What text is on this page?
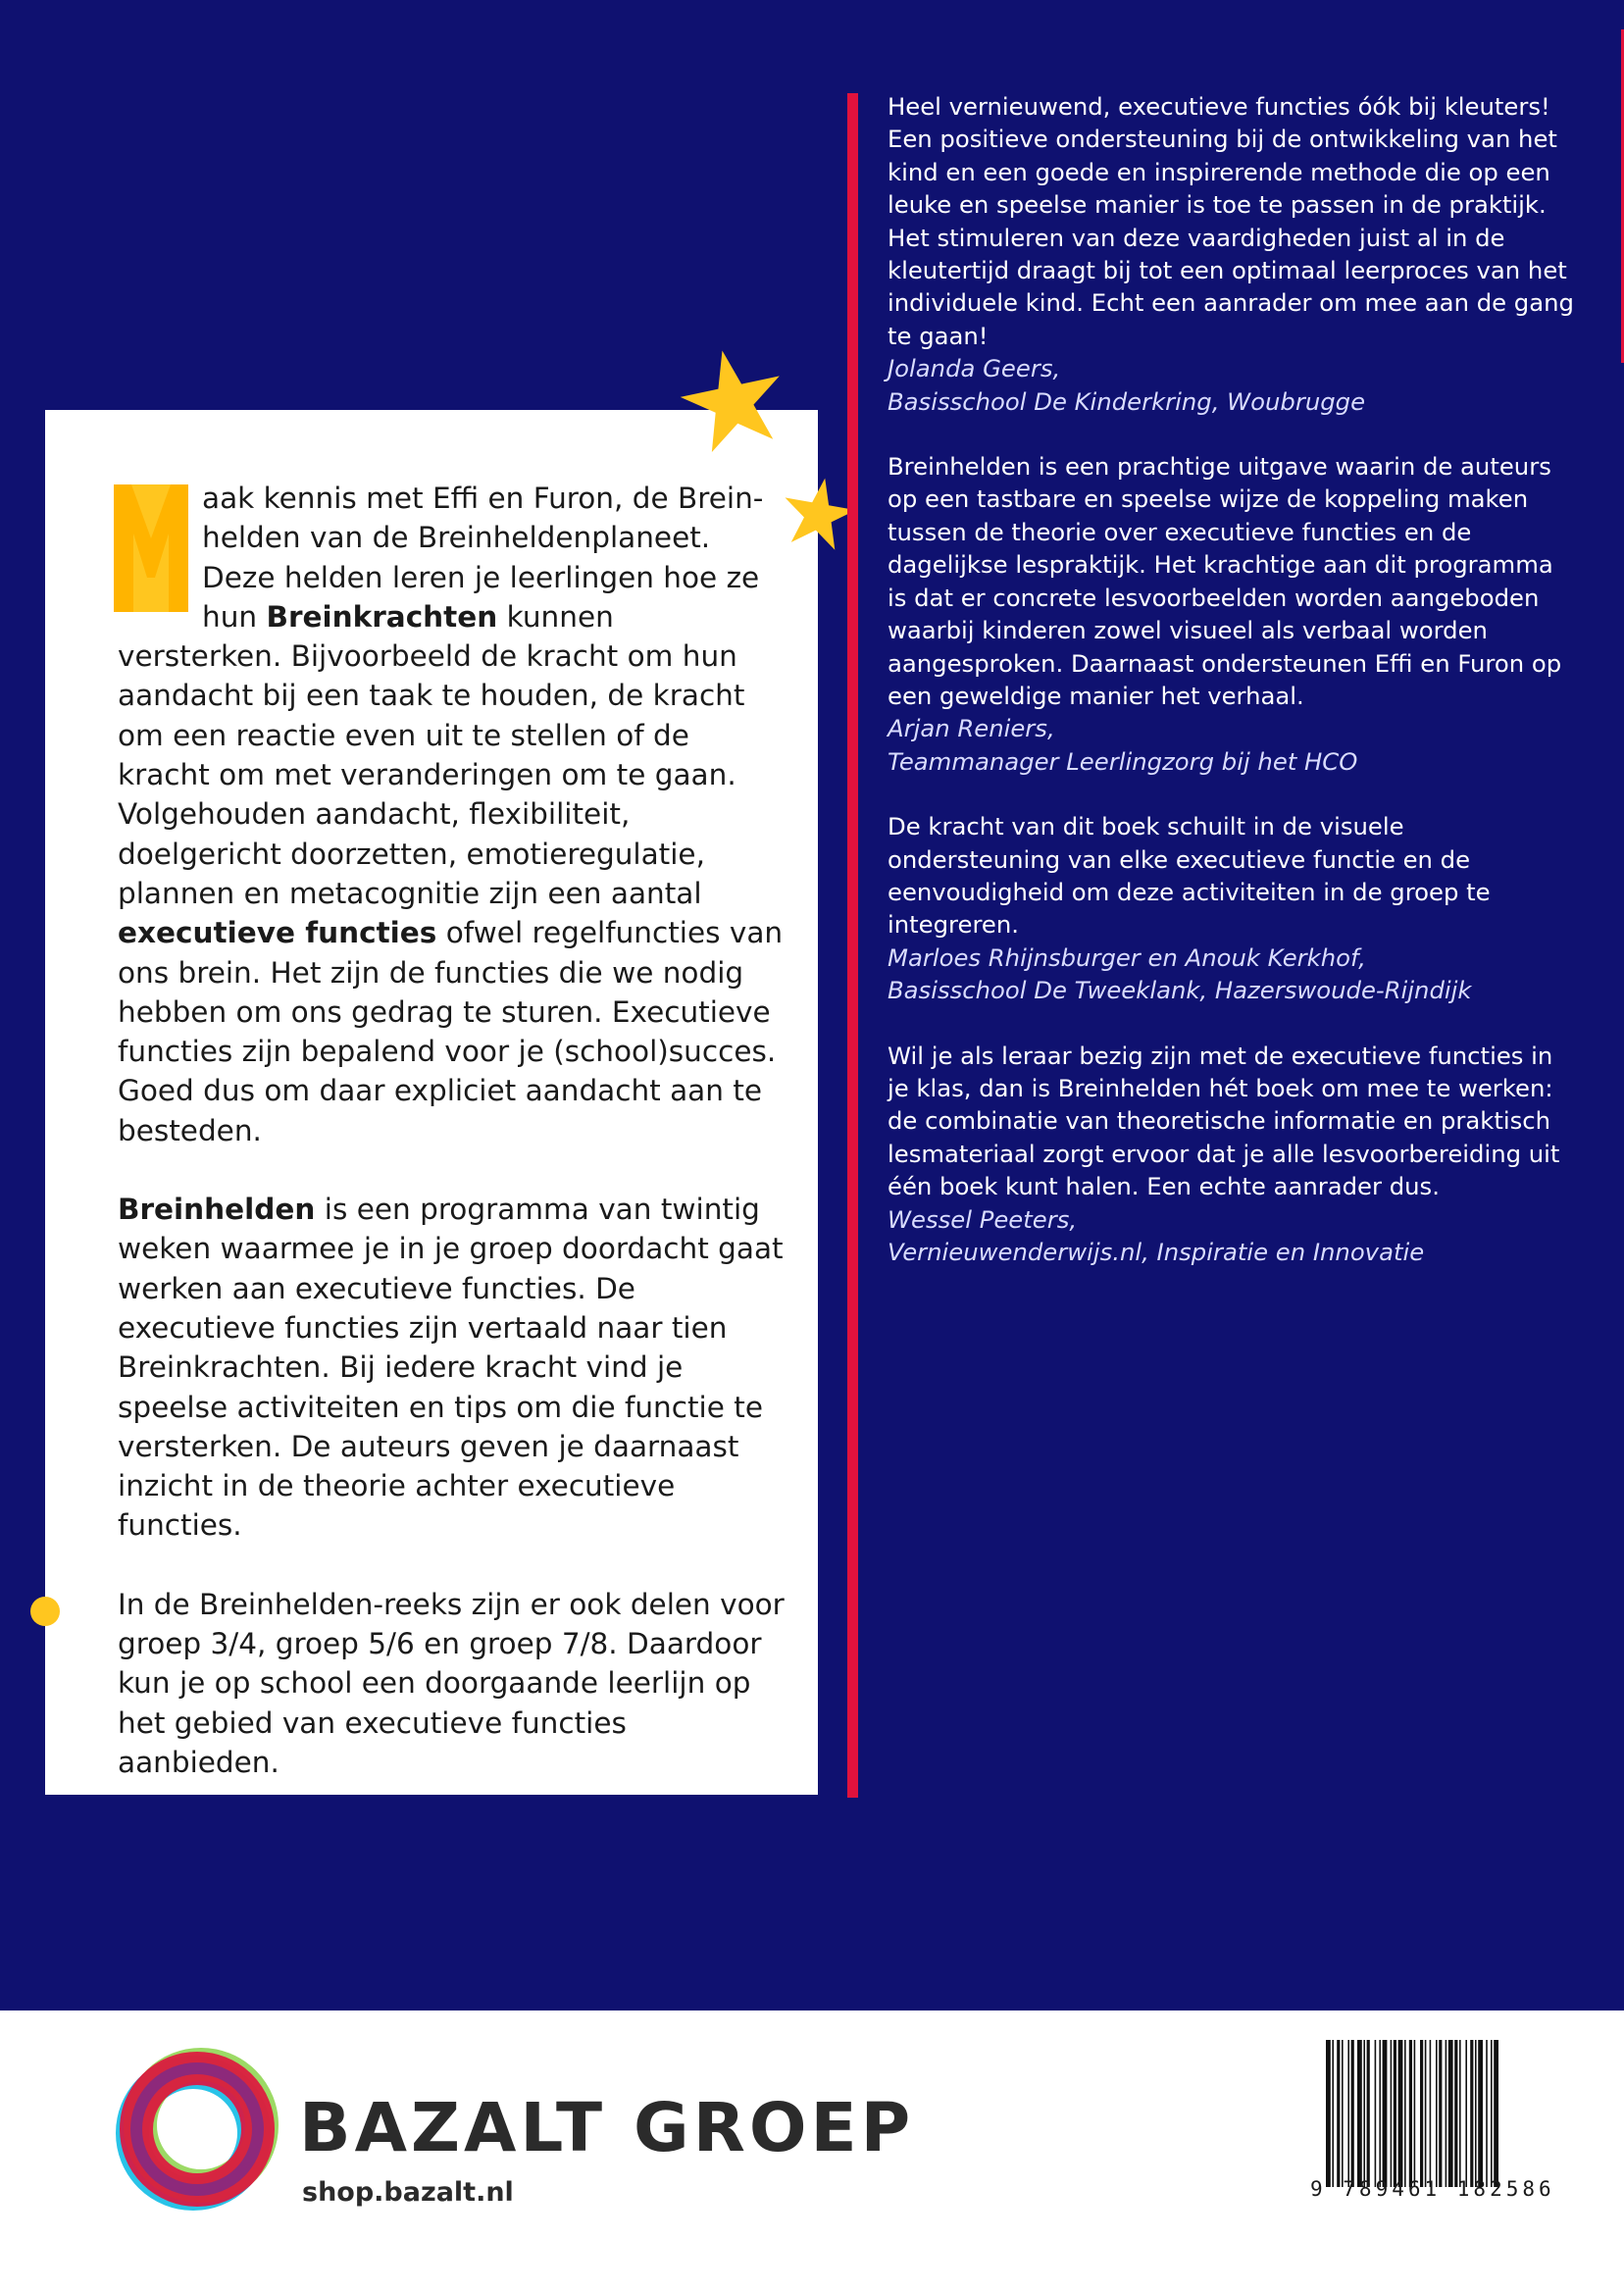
aak kennis met Effi en Furon, de Breinhelden van de Breinheldenplaneet. Deze helden leren je leerlingen hoe ze hun Breinkrachten kunnen versterken. Bijvoorbeeld de kracht om hun aandacht bij een taak te houden, de kracht om een reactie even uit te stellen of de kracht om met veranderingen om te gaan. Volgehouden aandacht, flexibiliteit, doelgericht doorzetten, emotieregulatie, plannen en metacognitie zijn een aantal executieve functies ofwel regelfuncties van ons brein. Het zijn de functies die we nodig hebben om ons gedrag te sturen. Executieve functies zijn bepalend voor je (school)succes. Goed dus om daar expliciet aandacht aan te besteden.

Breinhelden is een programma van twintig weken waarmee je in je groep doordacht gaat werken aan executieve functies. De executieve functies zijn vertaald naar tien Breinkrachten. Bij iedere kracht vind je speelse activiteiten en tips om die functie te versterken. De auteurs geven je daarnaast inzicht in de theorie achter executieve functies.

In de Breinhelden-reeks zijn er ook delen voor groep 3/4, groep 5/6 en groep 7/8. Daardoor kun je op school een doorgaande leerlijn op het gebied van executieve functies aanbieden.

Heel vernieuwend, executieve functies óók bij kleuters! Een positieve ondersteuning bij de ontwikkeling van het kind en een goede en inspirerende methode die op een leuke en speelse manier is toe te passen in de praktijk. Het stimuleren van deze vaardigheden juist al in de kleutertijd draagt bij tot een optimaal leerproces van het individuele kind. Echt een aanrader om mee aan de gang te gaan!
Jolanda Geers,
Basisschool De Kinderkring, Woubrugge
Breinhelden is een prachtige uitgave waarin de auteurs op een tastbare en speelse wijze de koppeling maken tussen de theorie over executieve functies en de dagelijkse lespraktijk. Het krachtige aan dit programma is dat er concrete lesvoorbeelden worden aangeboden waarbij kinderen zowel visueel als verbaal worden aangesproken. Daarnaast ondersteunen Effi en Furon op een geweldige manier het verhaal.
Arjan Reniers,
Teammanager Leerlingzorg bij het HCO
De kracht van dit boek schuilt in de visuele ondersteuning van elke executieve functie en de eenvoudigheid om deze activiteiten in de groep te integreren.
Marloes Rhijnsburger en Anouk Kerkhof,
Basisschool De Tweeklank, Hazerswoude-Rijndijk
Wil je als leraar bezig zijn met de executieve functies in je klas, dan is Breinhelden hét boek om mee te werken: de combinatie van theoretische informatie en praktisch lesmateriaal zorgt ervoor dat je alle lesvoorbereiding uit één boek kunt halen. Een echte aanrader dus.
Wessel Peeters,
Vernieuwenderwijs.nl, Inspiratie en Innovatie
BAZALT GROEP
shop.bazalt.nl	9 789461 182586
